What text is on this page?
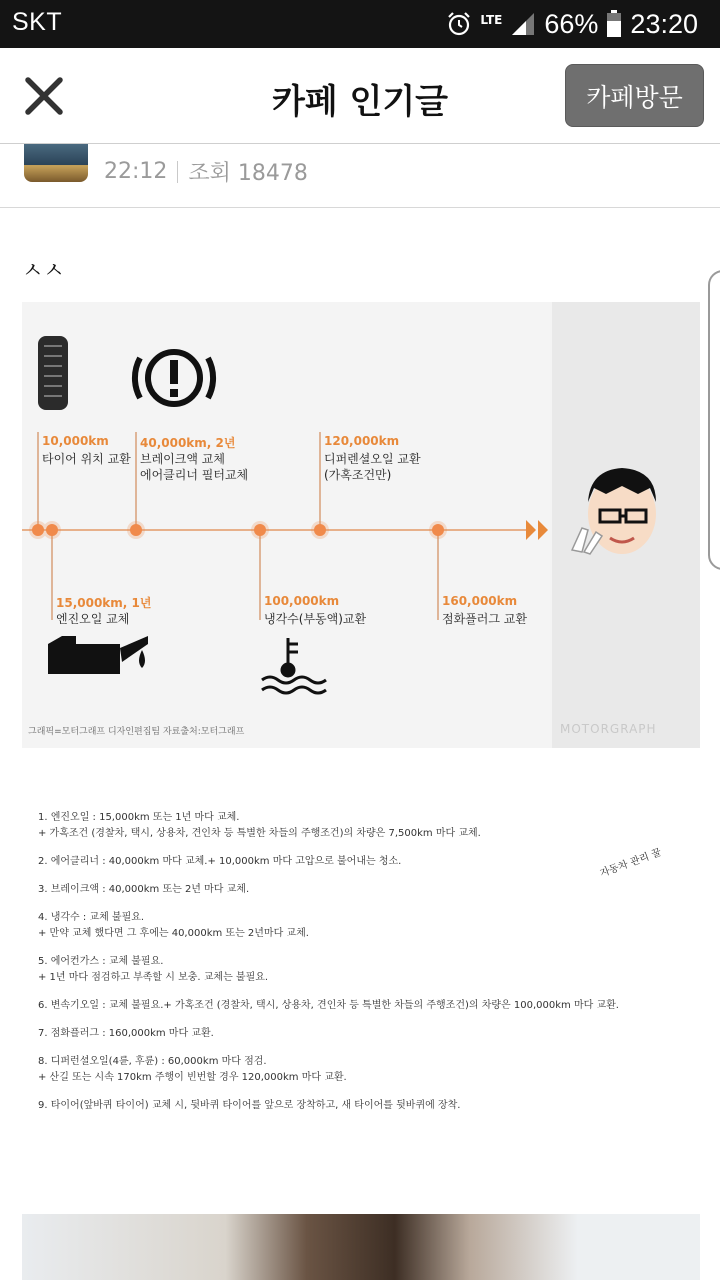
SKT	LTE 66% 23:20
카페 인기글	카페방문
22:12 조회 18478
ㅅㅅ
10,000km
타이어 위치 교환
40,000km, 2년
브레이크액 교체
에어클리너 필터교체
120,000km
디퍼렌셜오일 교환
(가혹조건만)
15,000km, 1년
엔진오일 교체
100,000km
냉각수(부동액)교환
160,000km
점화플러그 교환
그래픽=모터그래프 디자인편집팀 자료출처:모터그래프	MOTORGRAPH
자동차 관리 꿀

1. 엔진오일 : 15,000km 또는 1년 마다 교체.

+ 가혹조건 (경찰차, 택시, 상용차, 견인차 등 특별한 차들의 주행조건)의 차량은 7,500km 마다 교체.

2. 에어클리너 : 40,000km 마다 교체.+ 10,000km 마다 고압으로 불어내는 청소.

3. 브레이크액 : 40,000km 또는 2년 마다 교체.

4. 냉각수 : 교체 불필요.

+ 만약 교체 했다면 그 후에는 40,000km 또는 2년마다 교체.

5. 에어컨가스 : 교체 불필요.

+ 1년 마다 점검하고 부족할 시 보충. 교체는 불필요.

6. 변속기오일 : 교체 불필요.+ 가혹조건 (경찰차, 택시, 상용차, 견인차 등 특별한 차들의 주행조건)의 차량은 100,000km 마다 교환.

7. 점화플러그 : 160,000km 마다 교환.

8. 디퍼런셜오일(4륜, 후륜) : 60,000km 마다 점검.

+ 산길 또는 시속 170km 주행이 빈번할 경우 120,000km 마다 교환.

9. 타이어(앞바퀴 타이어) 교체 시, 뒷바퀴 타이어를 앞으로 장착하고, 새 타이어를 뒷바퀴에 장착.
